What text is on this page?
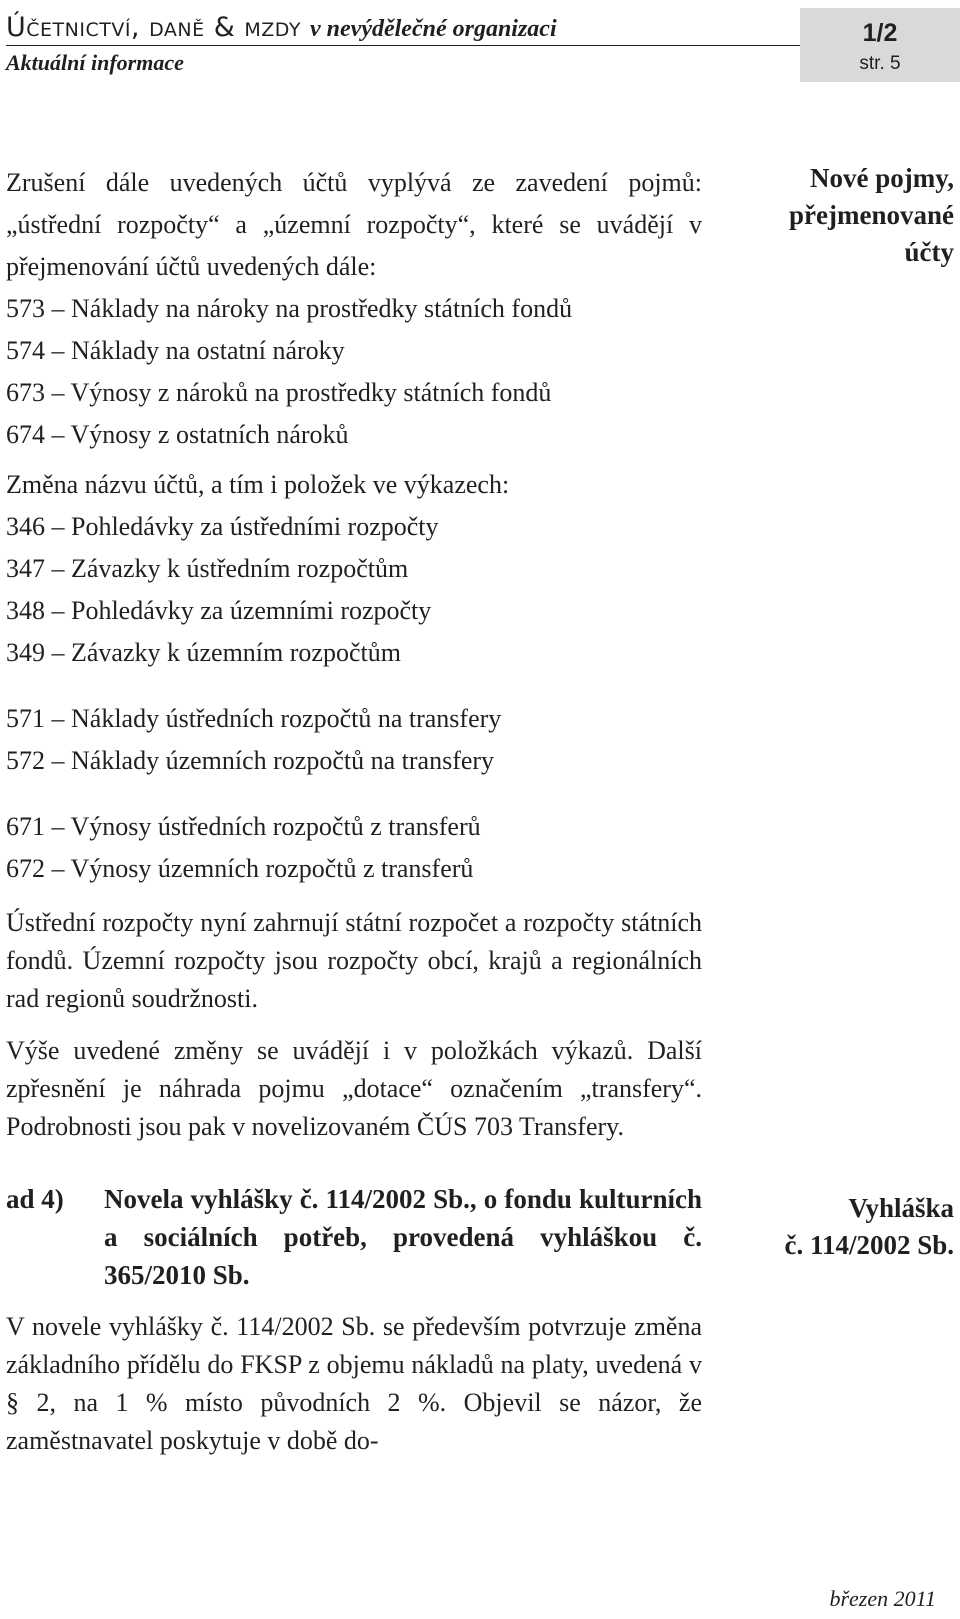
Účetnictví, daně & mzdy v nevýdělečné organizaci
Aktuální informace
1/2
str. 5
Nové pojmy,
přejmenované
účty
Vyhláška
č. 114/2002 Sb.

Zrušení dále uvedených účtů vyplývá ze zavedení pojmů: „ústřední rozpočty“ a „územní rozpočty“, které se uvádějí v přejmenování účtů uvedených dále:

573 – Náklady na nároky na prostředky státních fondů

574 – Náklady na ostatní nároky

673 – Výnosy z nároků na prostředky státních fondů

674 – Výnosy z ostatních nároků

Změna názvu účtů, a tím i položek ve výkazech:

346 – Pohledávky za ústředními rozpočty

347 – Závazky k ústředním rozpočtům

348 – Pohledávky za územními rozpočty

349 – Závazky k územním rozpočtům

571 – Náklady ústředních rozpočtů na transfery

572 – Náklady územních rozpočtů na transfery

671 – Výnosy ústředních rozpočtů z transferů

672 – Výnosy územních rozpočtů z transferů

Ústřední rozpočty nyní zahrnují státní rozpočet a rozpočty státních fondů. Územní rozpočty jsou rozpočty obcí, krajů a regionálních rad regionů soudržnosti.

Výše uvedené změny se uvádějí i v položkách výkazů. Další zpřesnění je náhrada pojmu „dotace“ označením „transfery“. Podrobnosti jsou pak v novelizovaném ČÚS 703 Transfery.

ad 4)	Novela vyhlášky č. 114/2002 Sb., o fondu kulturních a sociálních potřeb, provedená vyhláškou č. 365/2010 Sb.

V novele vyhlášky č. 114/2002 Sb. se především potvrzuje změna základního přídělu do FKSP z objemu nákladů na platy, uvedená v § 2, na 1 % místo původních 2 %. Objevil se názor, že zaměstnavatel poskytuje v době do-

březen 2011
